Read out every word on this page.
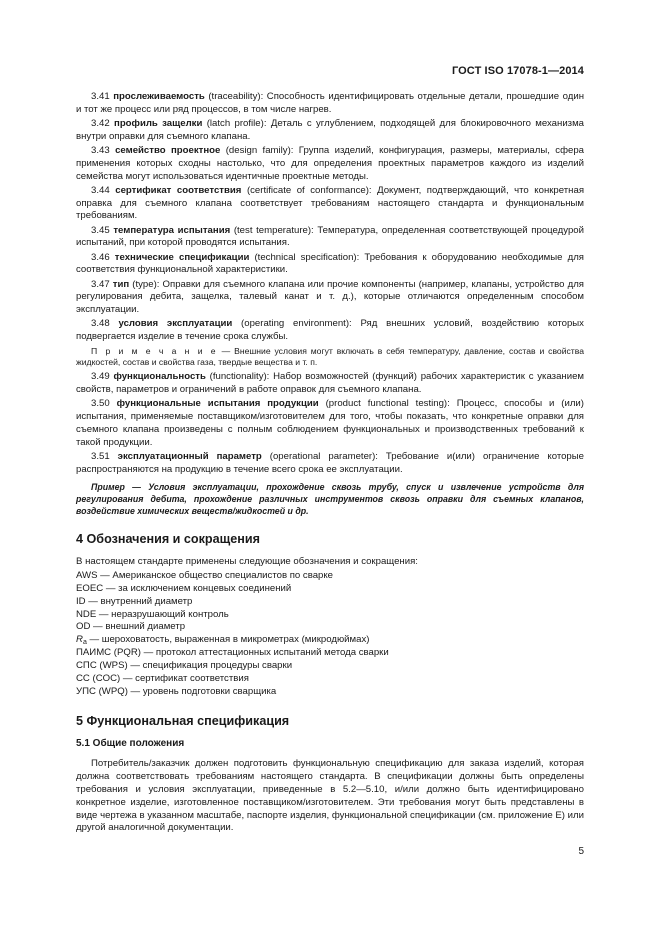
ГОСТ ISO 17078-1—2014
3.41 прослеживаемость (traceability): Способность идентифицировать отдельные детали, прошедшие один и тот же процесс или ряд процессов, в том числе нагрев.
3.42 профиль защелки (latch profile): Деталь с углублением, подходящей для блокировочного механизма внутри оправки для съемного клапана.
3.43 семейство проектное (design family): Группа изделий, конфигурация, размеры, материалы, сфера применения которых сходны настолько, что для определения проектных параметров каждого из изделий семейства могут использоваться идентичные проектные методы.
3.44 сертификат соответствия (certificate of conformance): Документ, подтверждающий, что конкретная оправка для съемного клапана соответствует требованиям настоящего стандарта и функциональным требованиям.
3.45 температура испытания (test temperature): Температура, определенная соответствующей процедурой испытаний, при которой проводятся испытания.
3.46 технические спецификации (technical specification): Требования к оборудованию необходимые для соответствия функциональной характеристики.
3.47 тип (type): Оправки для съемного клапана или прочие компоненты (например, клапаны, устройство для регулирования дебита, защелка, талевый канат и т. д.), которые отличаются определенным способом эксплуатации.
3.48 условия эксплуатации (operating environment): Ряд внешних условий, воздействию которых подвергается изделие в течение срока службы.
П р и м е ч а н и е — Внешние условия могут включать в себя температуру, давление, состав и свойства жидкостей, состав и свойства газа, твердые вещества и т. п.
3.49 функциональность (functionality): Набор возможностей (функций) рабочих характеристик с указанием свойств, параметров и ограничений в работе оправок для съемного клапана.
3.50 функциональные испытания продукции (product functional testing): Процесс, способы и (или) испытания, применяемые поставщиком/изготовителем для того, чтобы показать, что конкретные оправки для съемного клапана произведены с полным соблюдением функциональных и производственных требований к такой продукции.
3.51 эксплуатационный параметр (operational parameter): Требование и(или) ограничение которые распространяются на продукцию в течение всего срока ее эксплуатации.
Пример — Условия эксплуатации, прохождение сквозь трубу, спуск и извлечение устройств для регулирования дебита, прохождение различных инструментов сквозь оправки для съемных клапанов, воздействие химических веществ/жидкостей и др.
4 Обозначения и сокращения
В настоящем стандарте применены следующие обозначения и сокращения:
AWS — Американское общество специалистов по сварке
EOEC — за исключением концевых соединений
ID — внутренний диаметр
NDE — неразрушающий контроль
OD — внешний диаметр
$R_a$ — шероховатость, выраженная в микрометрах (микродюймах)
ПАИМС (PQR) — протокол аттестационных испытаний метода сварки
СПС (WPS) — спецификация процедуры сварки
СС (COC) — сертификат соответствия
УПС (WPQ) — уровень подготовки сварщика
5 Функциональная спецификация
5.1 Общие положения
Потребитель/заказчик должен подготовить функциональную спецификацию для заказа изделий, которая должна соответствовать требованиям настоящего стандарта. В спецификации должны быть определены требования и условия эксплуатации, приведенные в 5.2—5.10, и/или должно быть идентифицировано конкретное изделие, изготовленное поставщиком/изготовителем. Эти требования могут быть представлены в виде чертежа в указанном масштабе, паспорте изделия, функциональной спецификации (см. приложение Е) или другой аналогичной документации.
5
